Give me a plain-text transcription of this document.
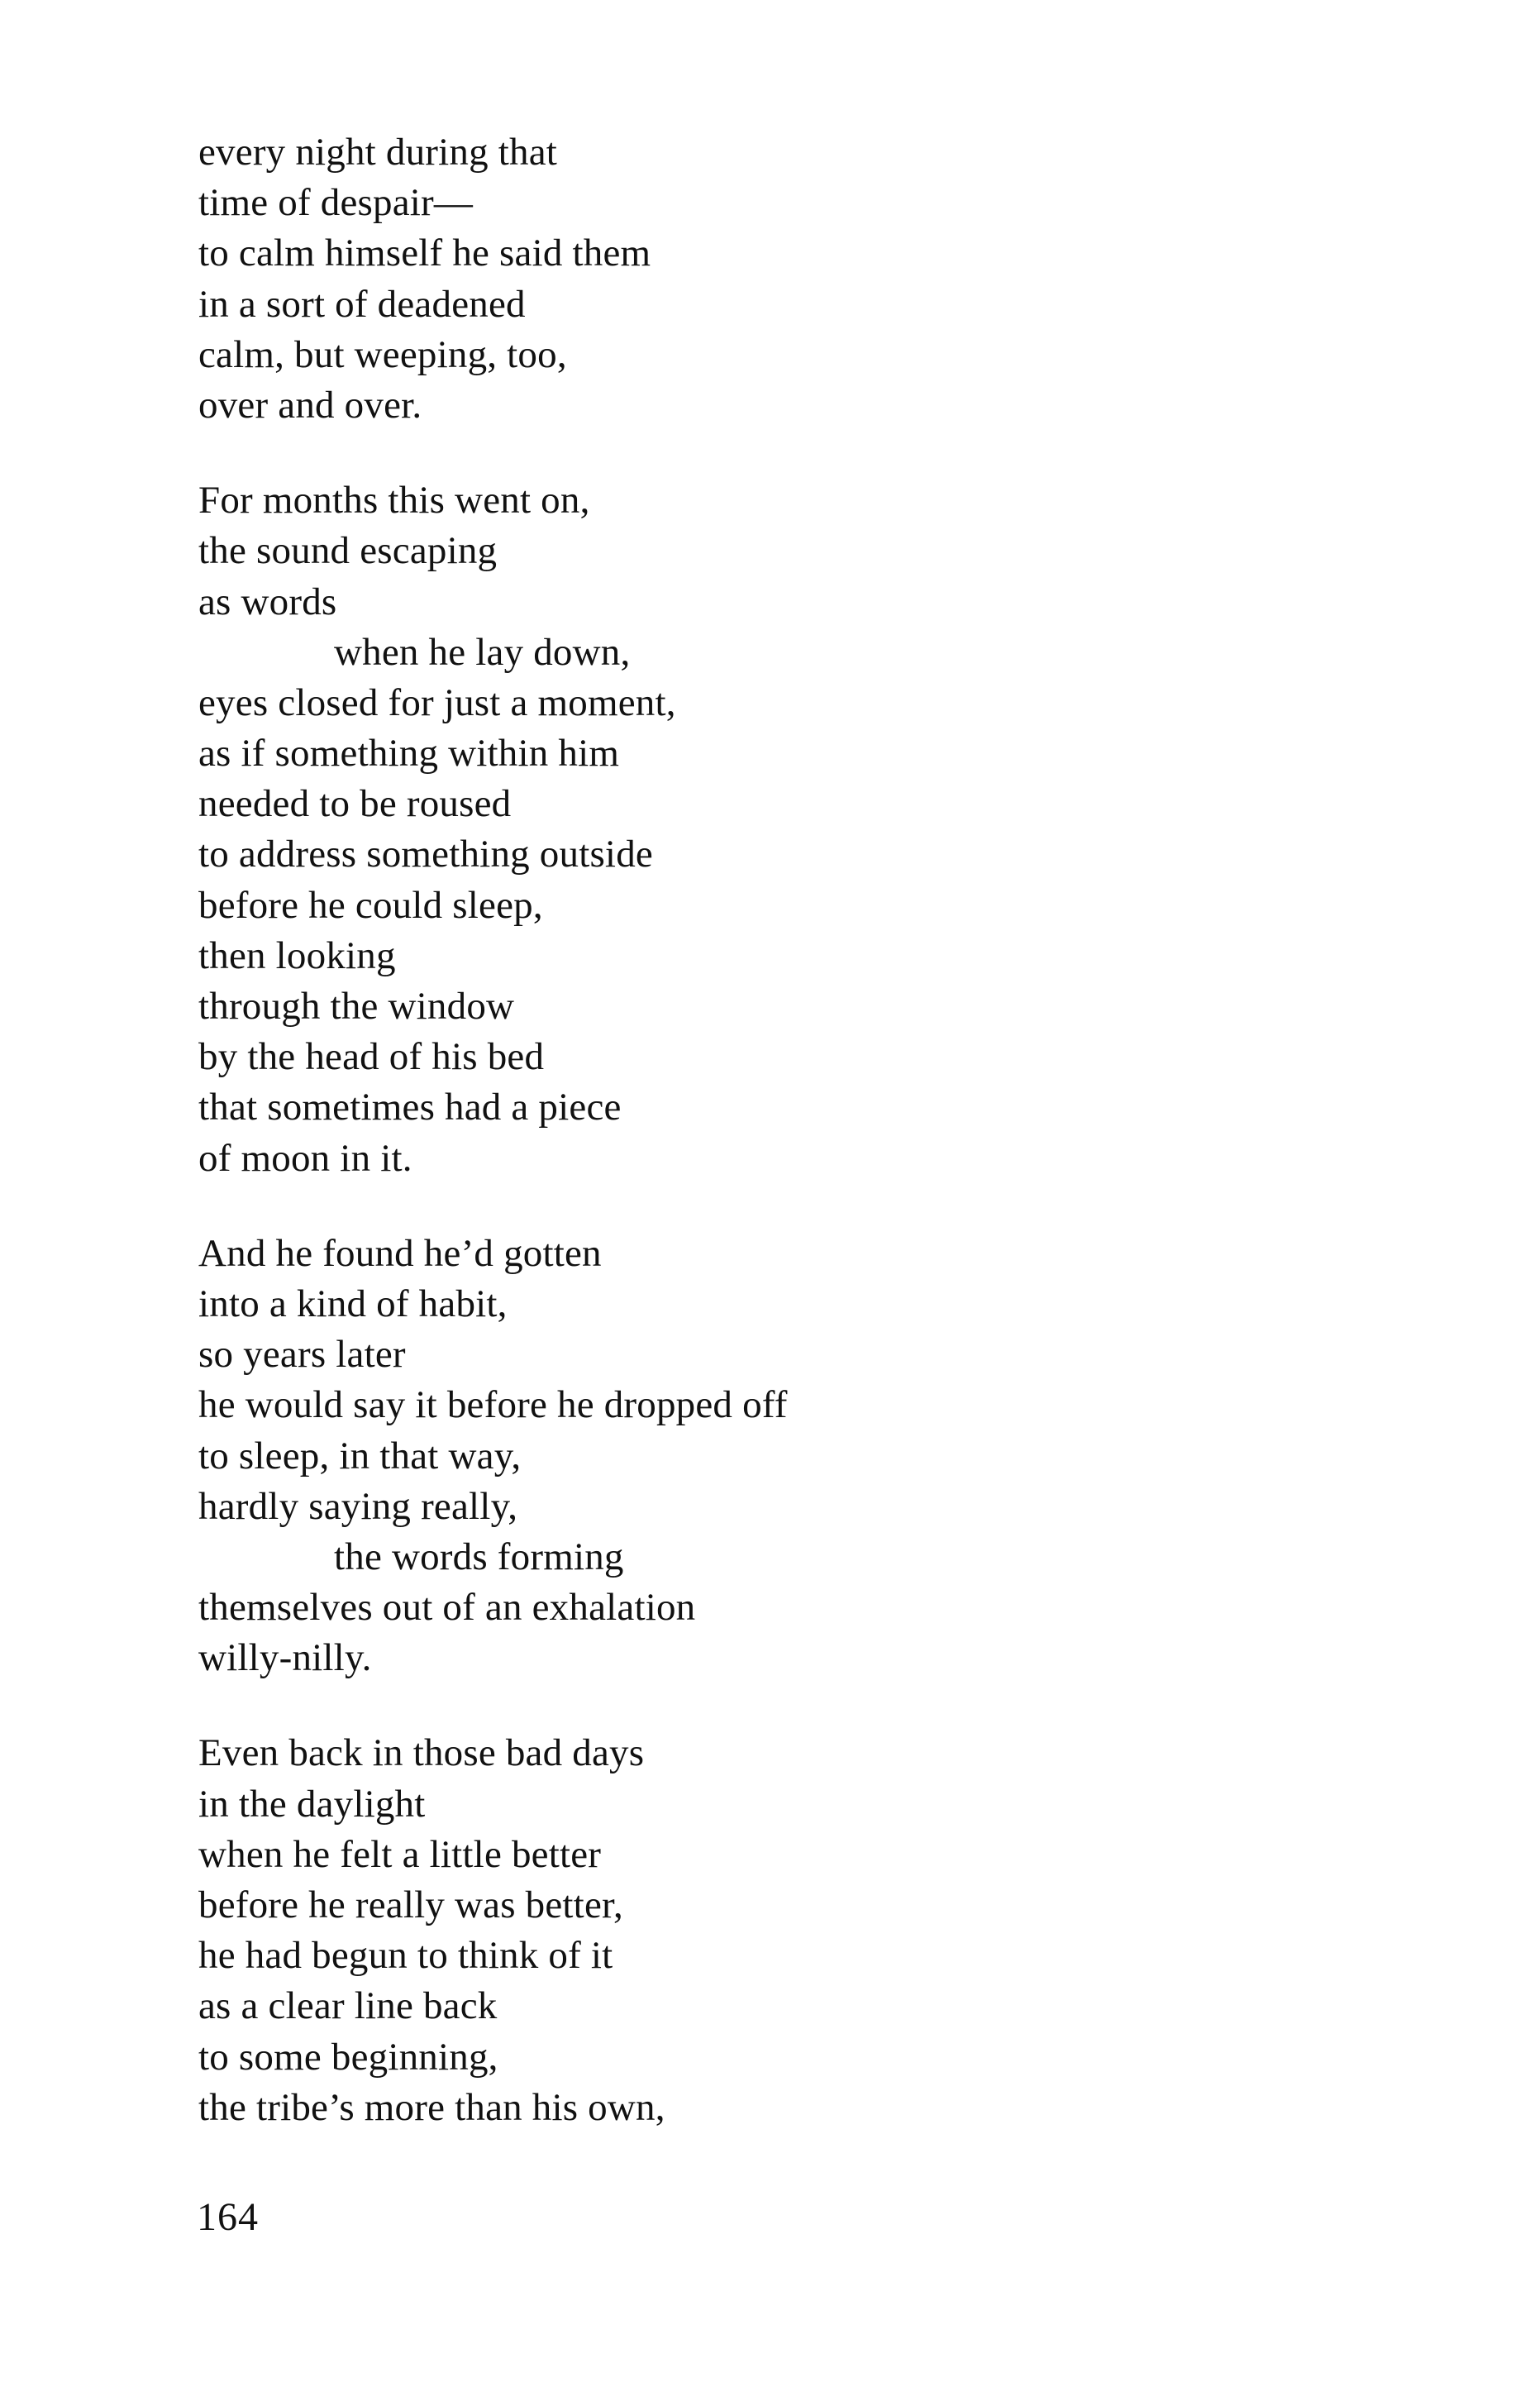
every night during that
time of despair—
to calm himself he said them
in a sort of deadened
calm, but weeping, too,
over and over.
For months this went on,
the sound escaping
as words
when he lay down,
eyes closed for just a moment,
as if something within him
needed to be roused
to address something outside
before he could sleep,
then looking
through the window
by the head of his bed
that sometimes had a piece
of moon in it.
And he found he’d gotten
into a kind of habit,
so years later
he would say it before he dropped off
to sleep, in that way,
hardly saying really,
the words forming
themselves out of an exhalation
willy-nilly.
Even back in those bad days
in the daylight
when he felt a little better
before he really was better,
he had begun to think of it
as a clear line back
to some beginning,
the tribe’s more than his own,
164
